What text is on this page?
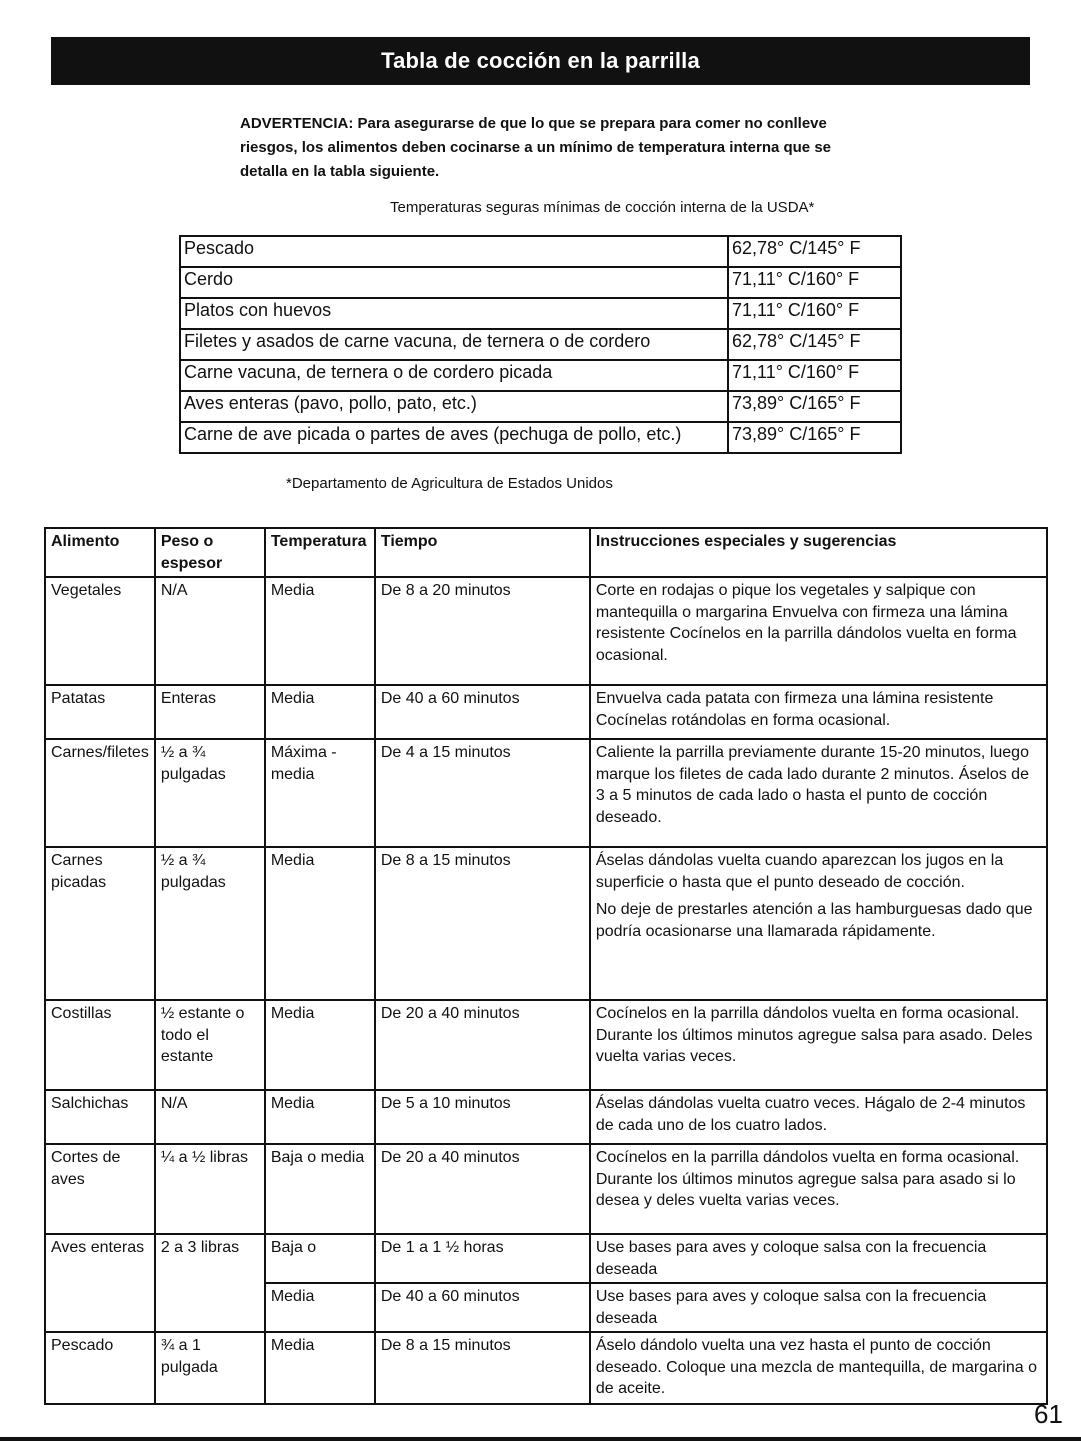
Tabla de cocción en la parrilla
ADVERTENCIA: Para asegurarse de que lo que se prepara para comer no conlleve riesgos, los alimentos deben cocinarse a un mínimo de temperatura interna que se detalla en la tabla siguiente.
Temperaturas seguras mínimas de cocción interna de la USDA*
Pescado	62,78° C/145° F
Cerdo	71,11° C/160° F
Platos con huevos	71,11° C/160° F
Filetes y asados de carne vacuna, de ternera o de cordero	62,78° C/145° F
Carne vacuna, de ternera o de cordero picada	71,11° C/160° F
Aves enteras (pavo, pollo, pato, etc.)	73,89° C/165° F
Carne de ave picada o partes de aves (pechuga de pollo, etc.)	73,89° C/165° F
*Departamento de Agricultura de Estados Unidos
Alimento	Peso o espesor	Temperatura	Tiempo	Instrucciones especiales y sugerencias
Vegetales	N/A	Media	De 8 a 20 minutos	Corte en rodajas o pique los vegetales y salpique con mantequilla o margarina Envuelva con firmeza una lámina resistente Cocínelos en la parrilla dándolos vuelta en forma ocasional.

Patatas	Enteras	Media	De 40 a 60 minutos	Envuelva cada patata con firmeza una lámina resistente Cocínelas rotándolas en forma ocasional.

Carnes/filetes	½ a ¾ pulgadas	Máxima - media	De 4 a 15 minutos	Caliente la parrilla previamente durante 15-20 minutos, luego marque los filetes de cada lado durante 2 minutos. Áselos de 3 a 5 minutos de cada lado o hasta el punto de cocción deseado.

Carnes picadas	½ a ¾ pulgadas	Media	De 8 a 15 minutos	Áselas dándolas vuelta cuando aparezcan los jugos en la superficie o hasta que el punto deseado de cocción.

No deje de prestarles atención a las hamburguesas dado que podría ocasionarse una llamarada rápidamente.

Costillas	½ estante o todo el estante	Media	De 20 a 40 minutos	Cocínelos en la parrilla dándolos vuelta en forma ocasional. Durante los últimos minutos agregue salsa para asado. Deles vuelta varias veces.

Salchichas	N/A	Media	De 5 a 10 minutos	Áselas dándolas vuelta cuatro veces. Hágalo de 2-4 minutos de cada uno de los cuatro lados.

Cortes de aves	¼ a ½ libras	Baja o media	De 20 a 40 minutos	Cocínelos en la parrilla dándolos vuelta en forma ocasional. Durante los últimos minutos agregue salsa para asado si lo desea y deles vuelta varias veces.

Aves enteras	2 a 3 libras	Baja o	De 1 a 1 ½ horas	Use bases para aves y coloque salsa con la frecuencia deseada
		Media	De 40 a 60 minutos	Use bases para aves y coloque salsa con la frecuencia deseada
Pescado	¾ a 1 pulgada	Media	De 8 a 15 minutos	Áselo dándolo vuelta una vez hasta el punto de cocción deseado. Coloque una mezcla de mantequilla, de margarina o de aceite.
61
